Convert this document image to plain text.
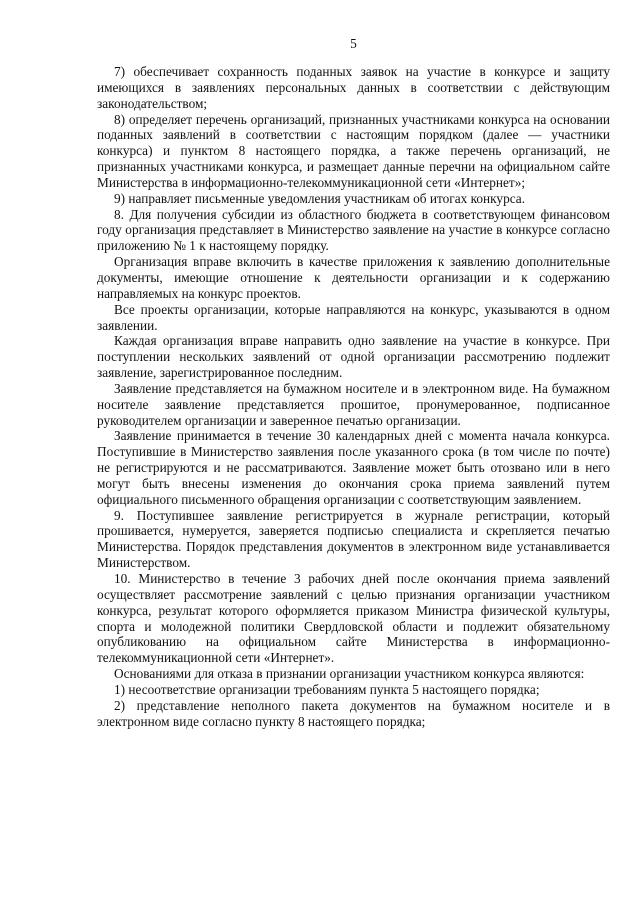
5

7) обеспечивает сохранность поданных заявок на участие в конкурсе и защиту имеющихся в заявлениях персональных данных в соответствии с действующим законодательством;

8) определяет перечень организаций, признанных участниками конкурса на основании поданных заявлений в соответствии с настоящим порядком (далее — участники конкурса) и пунктом 8 настоящего порядка, а также перечень организаций, не признанных участниками конкурса, и размещает данные перечни на официальном сайте Министерства в информационно-телекоммуникационной сети «Интернет»;

9) направляет письменные уведомления участникам об итогах конкурса.

8. Для получения субсидии из областного бюджета в соответствующем финансовом году организация представляет в Министерство заявление на участие в конкурсе согласно приложению № 1 к настоящему порядку.

Организация вправе включить в качестве приложения к заявлению дополнительные документы, имеющие отношение к деятельности организации и к содержанию направляемых на конкурс проектов.

Все проекты организации, которые направляются на конкурс, указываются в одном заявлении.

Каждая организация вправе направить одно заявление на участие в конкурсе. При поступлении нескольких заявлений от одной организации рассмотрению подлежит заявление, зарегистрированное последним.

Заявление представляется на бумажном носителе и в электронном виде. На бумажном носителе заявление представляется прошитое, пронумерованное, подписанное руководителем организации и заверенное печатью организации.

Заявление принимается в течение 30 календарных дней с момента начала конкурса. Поступившие в Министерство заявления после указанного срока (в том числе по почте) не регистрируются и не рассматриваются. Заявление может быть отозвано или в него могут быть внесены изменения до окончания срока приема заявлений путем официального письменного обращения организации с соответствующим заявлением.

9. Поступившее заявление регистрируется в журнале регистрации, который прошивается, нумеруется, заверяется подписью специалиста и скрепляется печатью Министерства. Порядок представления документов в электронном виде устанавливается Министерством.

10. Министерство в течение 3 рабочих дней после окончания приема заявлений осуществляет рассмотрение заявлений с целью признания организации участником конкурса, результат которого оформляется приказом Министра физической культуры, спорта и молодежной политики Свердловской области и подлежит обязательному опубликованию на официальном сайте Министерства в информационно-телекоммуникационной сети «Интернет».

Основаниями для отказа в признании организации участником конкурса являются:

1) несоответствие организации требованиям пункта 5 настоящего порядка;

2) представление неполного пакета документов на бумажном носителе и в электронном виде согласно пункту 8 настоящего порядка;
